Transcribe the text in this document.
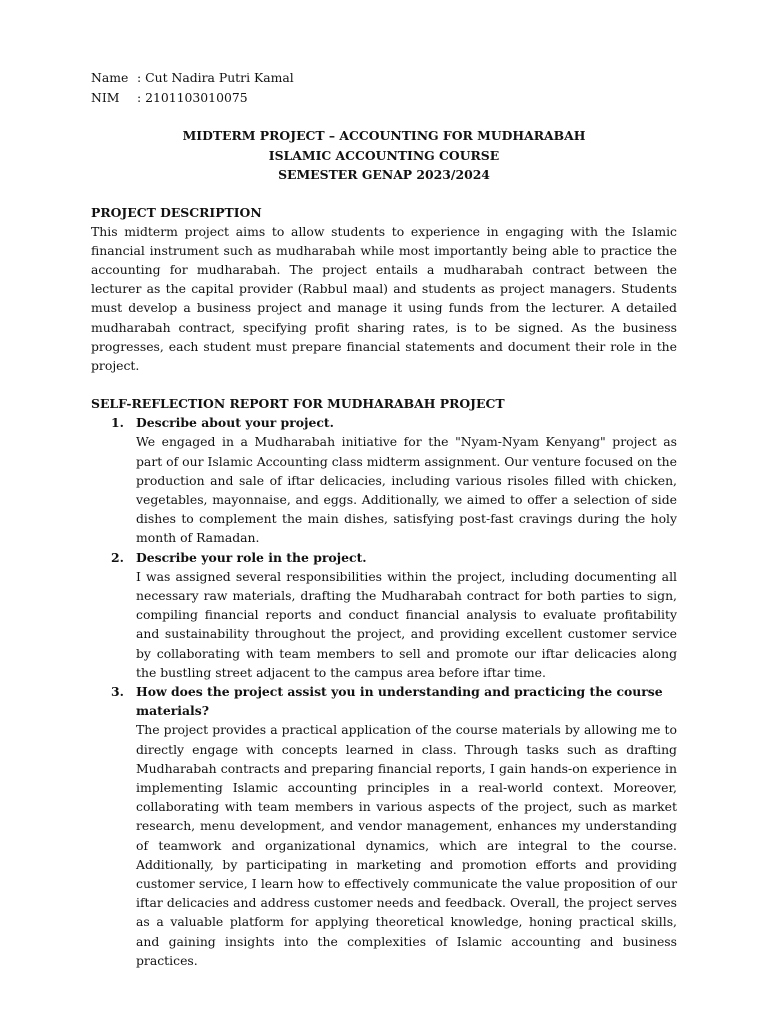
Name : Cut Nadira Putri Kamal
NIM	: 2101103010075
MIDTERM PROJECT – ACCOUNTING FOR MUDHARABAH
ISLAMIC ACCOUNTING COURSE
SEMESTER GENAP 2023/2024
PROJECT DESCRIPTION
This midterm project aims to allow students to experience in engaging with the Islamic financial instrument such as mudharabah while most importantly being able to practice the accounting for mudharabah. The project entails a mudharabah contract between the lecturer as the capital provider (Rabbul maal) and students as project managers. Students must develop a business project and manage it using funds from the lecturer. A detailed mudharabah contract, specifying profit sharing rates, is to be signed. As the business progresses, each student must prepare financial statements and document their role in the project.
SELF-REFLECTION REPORT FOR MUDHARABAH PROJECT
1. Describe about your project.
We engaged in a Mudharabah initiative for the "Nyam-Nyam Kenyang" project as part of our Islamic Accounting class midterm assignment. Our venture focused on the production and sale of iftar delicacies, including various risoles filled with chicken, vegetables, mayonnaise, and eggs. Additionally, we aimed to offer a selection of side dishes to complement the main dishes, satisfying post-fast cravings during the holy month of Ramadan.
2. Describe your role in the project.
I was assigned several responsibilities within the project, including documenting all necessary raw materials, drafting the Mudharabah contract for both parties to sign, compiling financial reports and conduct financial analysis to evaluate profitability and sustainability throughout the project, and providing excellent customer service by collaborating with team members to sell and promote our iftar delicacies along the bustling street adjacent to the campus area before iftar time.
3. How does the project assist you in understanding and practicing the course materials?
The project provides a practical application of the course materials by allowing me to directly engage with concepts learned in class. Through tasks such as drafting Mudharabah contracts and preparing financial reports, I gain hands-on experience in implementing Islamic accounting principles in a real-world context. Moreover, collaborating with team members in various aspects of the project, such as market research, menu development, and vendor management, enhances my understanding of teamwork and organizational dynamics, which are integral to the course. Additionally, by participating in marketing and promotion efforts and providing customer service, I learn how to effectively communicate the value proposition of our iftar delicacies and address customer needs and feedback. Overall, the project serves as a valuable platform for applying theoretical knowledge, honing practical skills, and gaining insights into the complexities of Islamic accounting and business practices.
